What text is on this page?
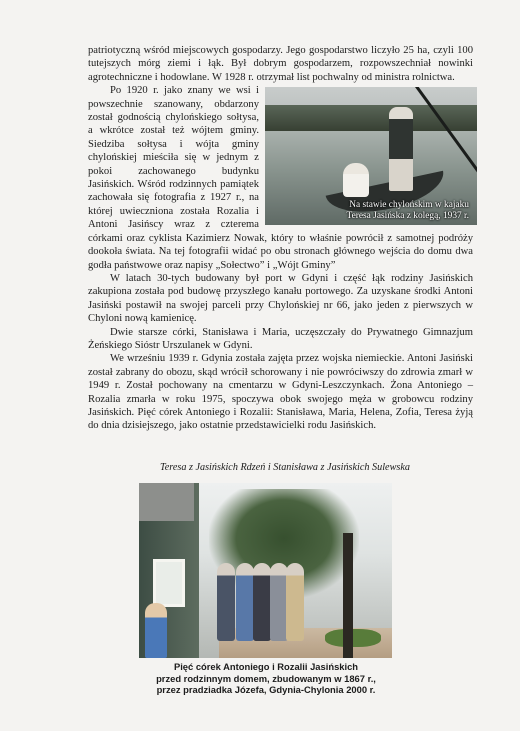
patriotyczną wśród miejscowych gospodarzy. Jego gospodarstwo liczyło 25 ha, czyli 100 tutejszych mórg ziemi i łąk. Był dobrym gospodarzem, rozpowszechniał nowinki agrotechniczne i hodowlane. W 1928 r. otrzymał list pochwalny od ministra rolnictwa.

Na stawie chylońskim w kajaku
Teresa Jasińska z kolegą, 1937 r.
Po 1920 r. jako znany we wsi i powszechnie szanowany, obdarzony został godnością chylońskiego sołtysa, a wkrótce został też wójtem gminy. Siedziba sołtysa i wójta gminy chylońskiej mieściła się w jednym z pokoi zachowanego budynku Jasińskich. Wśród rodzinnych pamiątek zachowała się fotografia z 1927 r., na której uwieczniona została Rozalia i Antoni Jasińscy wraz z czterema córkami oraz cyklista Kazimierz Nowak, który to właśnie powrócił z samotnej podróży dookoła świata. Na tej fotografii widać po obu stronach głównego wejścia do domu dwa godła państwowe oraz napisy „Sołectwo” i „Wójt Gminy”

W latach 30-tych budowany był port w Gdyni i część łąk rodziny Jasińskich zakupiona została pod budowę przyszłego kanału portowego. Za uzyskane środki Antoni Jasiński postawił na swojej parceli przy Chylońskiej nr 66, jako jeden z pierwszych w Chyloni nową kamienicę.

Dwie starsze córki, Stanisława i Maria, uczęszczały do Prywatnego Gimnazjum Żeńskiego Sióstr Urszulanek w Gdyni.

We wrześniu 1939 r. Gdynia została zajęta przez wojska niemieckie. Antoni Jasiński został zabrany do obozu, skąd wrócił schorowany i nie powróciwszy do zdrowia zmarł w 1949 r. Został pochowany na cmentarzu w Gdyni-Leszczynkach. Żona Antoniego – Rozalia zmarła w roku 1975, spoczywa obok swojego męża w grobowcu rodziny Jasińskich. Pięć córek Antoniego i Rozalii: Stanisława, Maria, Helena, Zofia, Teresa żyją do dnia dzisiejszego, jako ostatnie przedstawicielki rodu Jasińskich.

Teresa z Jasińskich Rdzeń i Stanisława z Jasińskich Sulewska
Pięć córek Antoniego i Rozalii Jasińskich
przed rodzinnym domem, zbudowanym w 1867 r.,
przez pradziadka Józefa, Gdynia-Chylonia 2000 r.
